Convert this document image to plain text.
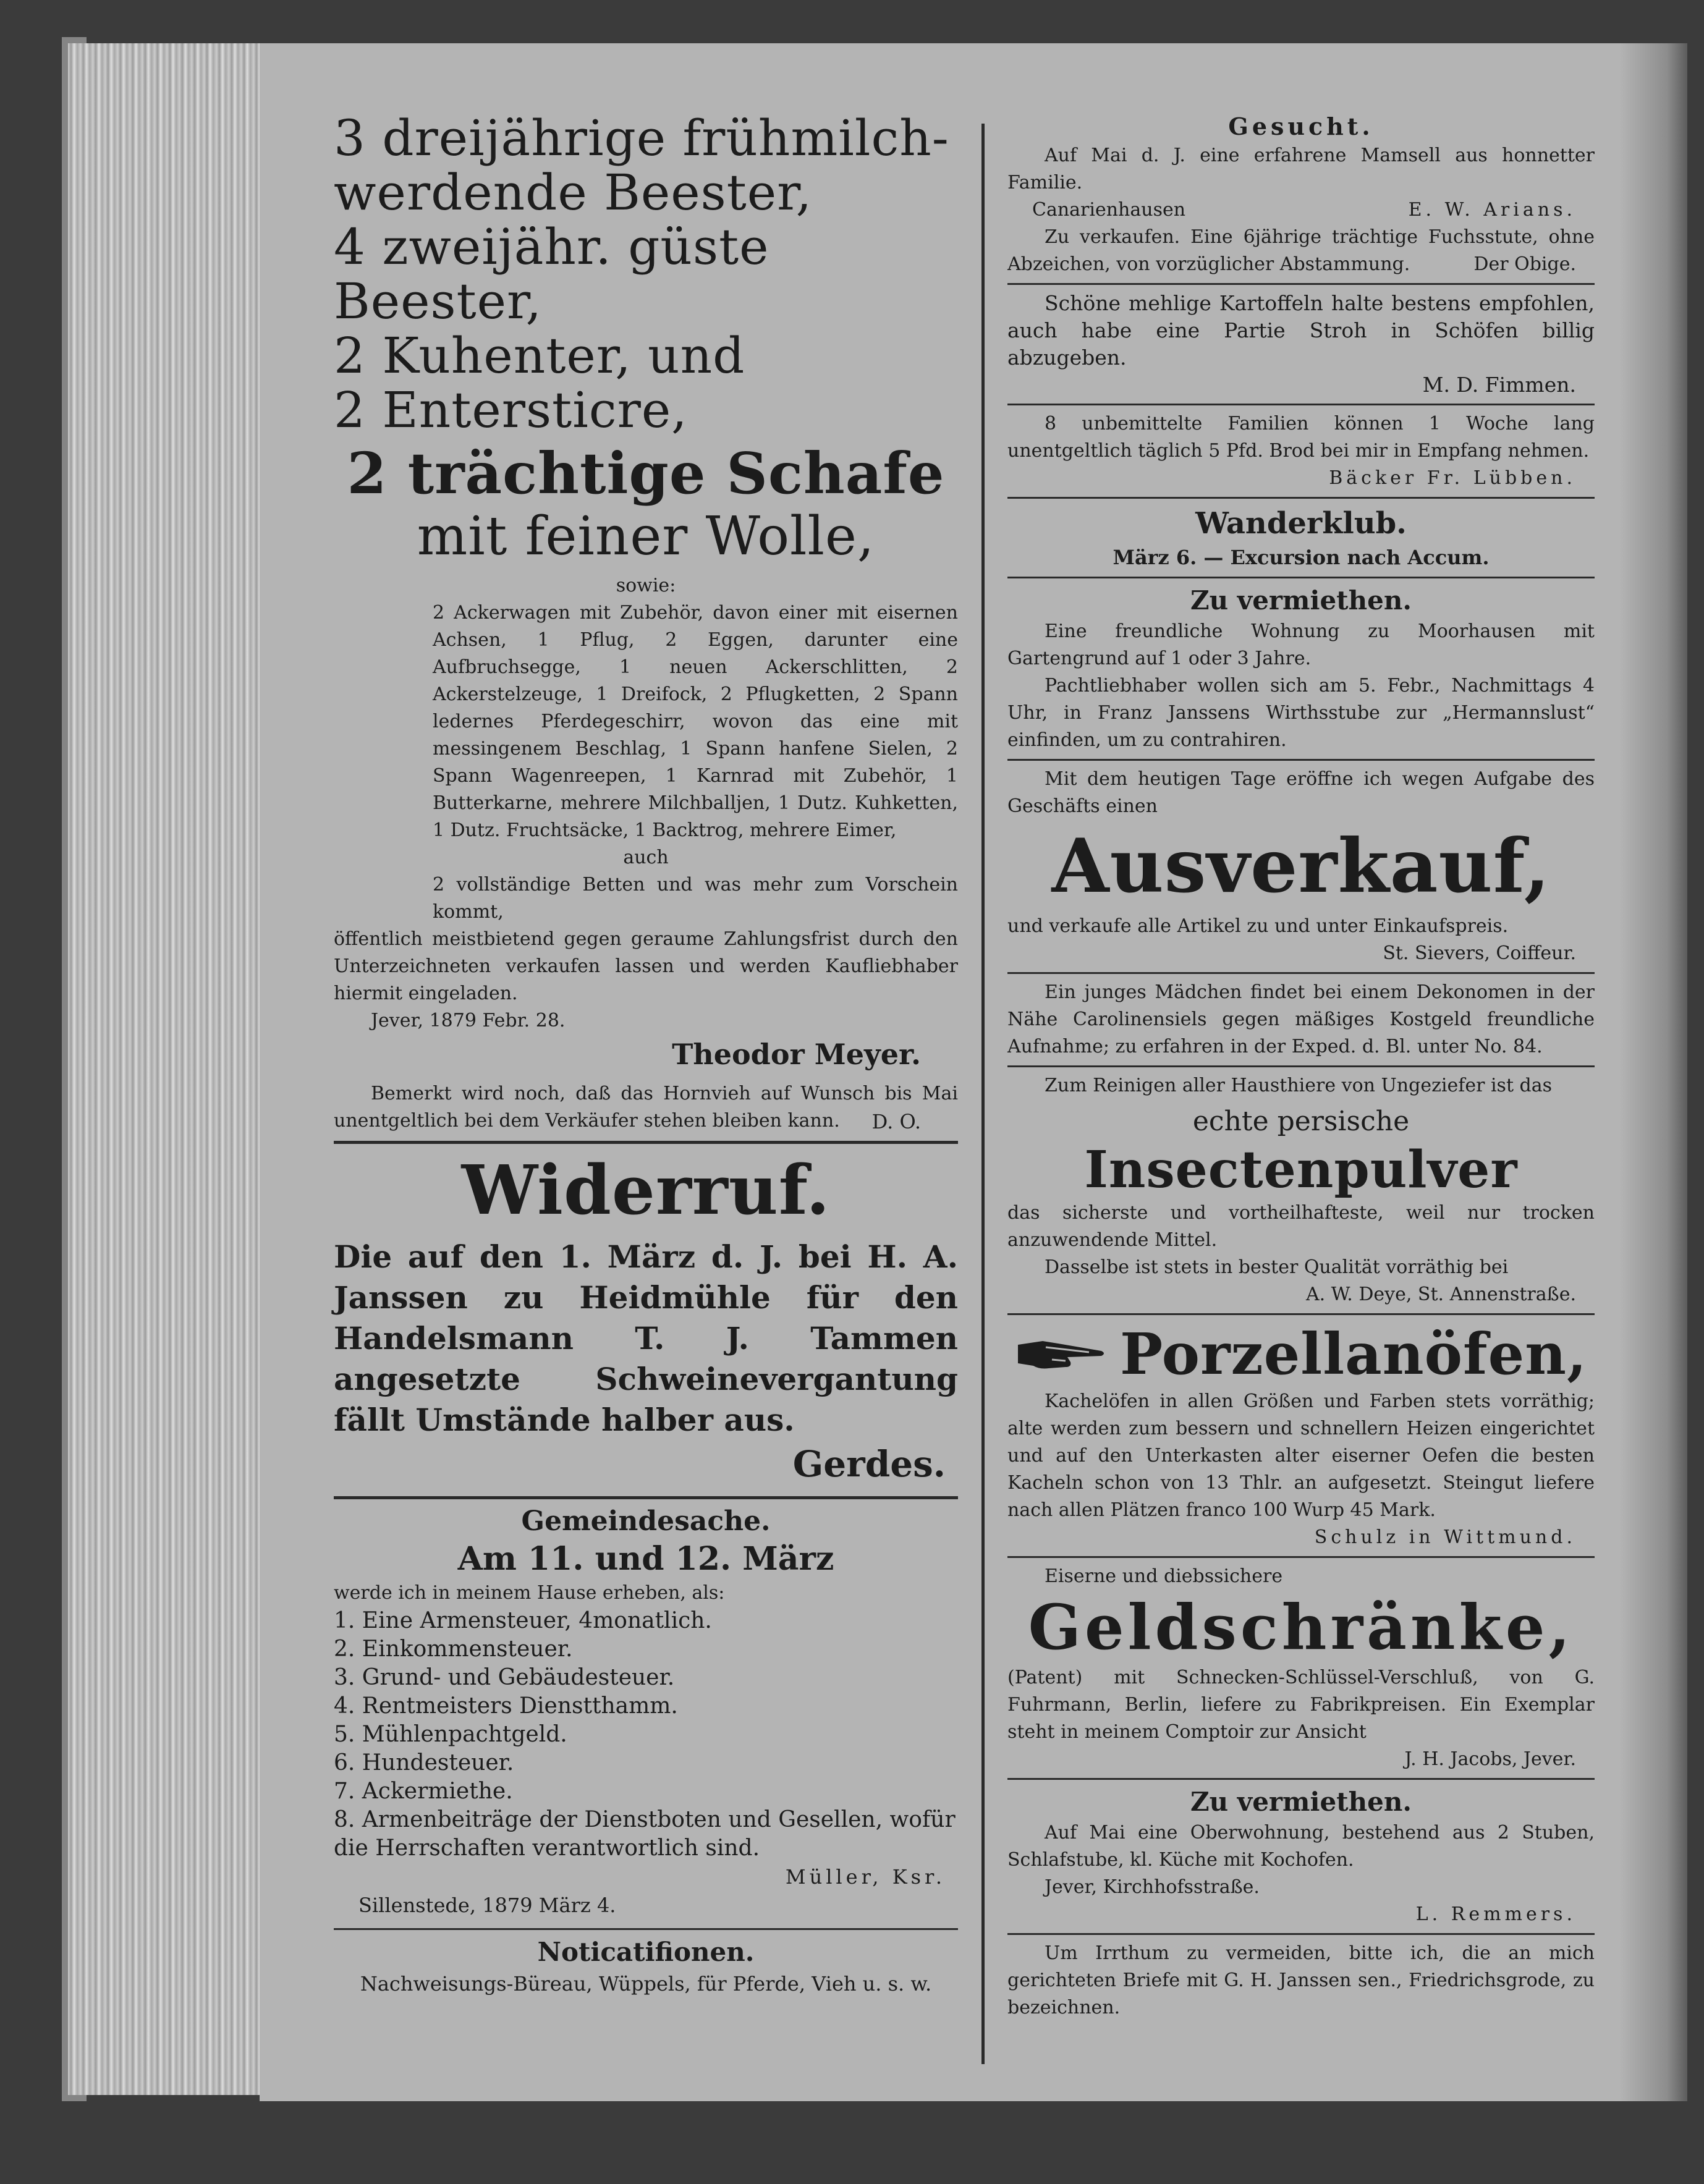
3 dreijährige frühmilch-

werdende Beester,

4 zweijähr. güste Beester,

2 Kuhenter, und

2 Entersticre,

2 trächtige Schafe

mit feiner Wolle,

sowie:

2 Ackerwagen mit Zubehör, davon einer mit eisernen Achsen, 1 Pflug, 2 Eggen, darunter eine Aufbruchsegge, 1 neuen Ackerschlitten, 2 Ackerstelzeuge, 1 Dreifock, 2 Pflugketten, 2 Spann ledernes Pferdegeschirr, wovon das eine mit messingenem Beschlag, 1 Spann hanfene Sielen, 2 Spann Wagenreepen, 1 Karnrad mit Zubehör, 1 Butterkarne, mehrere Milchballjen, 1 Dutz. Kuhketten, 1 Dutz. Fruchtsäcke, 1 Backtrog, mehrere Eimer,

auch

2 vollständige Betten und was mehr zum Vorschein kommt,

öffentlich meistbietend gegen geraume Zahlungsfrist durch den Unterzeichneten verkaufen lassen und werden Kaufliebhaber hiermit eingeladen.

Jever, 1879 Febr. 28.

Theodor Meyer.

Bemerkt wird noch, daß das Hornvieh auf Wunsch bis Mai unentgeltlich bei dem Verkäufer stehen bleiben kann.	D. O.

Widerruf.

Die auf den 1. März d. J. bei H. A. Janssen zu Heidmühle für den Handelsmann T. J. Tammen angesetzte Schweinevergantung fällt Umstände halber aus.

Gerdes.

Gemeindesache.

Am 11. und 12. März

werde ich in meinem Hause erheben, als:

1. Eine Armensteuer, 4monatlich.
2. Einkommensteuer.
3. Grund- und Gebäudesteuer.
4. Rentmeisters Dienstthamm.
5. Mühlenpachtgeld.
6. Hundesteuer.
7. Ackermiethe.
8. Armenbeiträge der Dienstboten und Gesellen, wofür die Herrschaften verantwortlich sind.

Müller, Ksr.

Sillenstede, 1879 März 4.

Noticatifionen.

Nachweisungs-Büreau, Wüppels, für Pferde, Vieh u. s. w.

Gesucht.

Auf Mai d. J. eine erfahrene Mamsell aus honnetter Familie.

Canarienhausen	E. W. Arians.

Zu verkaufen. Eine 6jährige trächtige Fuchsstute, ohne Abzeichen, von vorzüglicher Abstammung.	Der Obige.

Schöne mehlige Kartoffeln halte bestens empfohlen, auch habe eine Partie Stroh in Schöfen billig abzugeben.

M. D. Fimmen.

8 unbemittelte Familien können 1 Woche lang unentgeltlich täglich 5 Pfd. Brod bei mir in Empfang nehmen.

Bäcker Fr. Lübben.

Wanderklub.

März 6. — Excursion nach Accum.

Zu vermiethen.

Eine freundliche Wohnung zu Moorhausen mit Gartengrund auf 1 oder 3 Jahre.

Pachtliebhaber wollen sich am 5. Febr., Nachmittags 4 Uhr, in Franz Janssens Wirthsstube zur „Hermannslust“ einfinden, um zu contrahiren.

Mit dem heutigen Tage eröffne ich wegen Aufgabe des Geschäfts einen

Ausverkauf,

und verkaufe alle Artikel zu und unter Einkaufspreis.

St. Sievers, Coiffeur.

Ein junges Mädchen findet bei einem Dekonomen in der Nähe Carolinensiels gegen mäßiges Kostgeld freundliche Aufnahme; zu erfahren in der Exped. d. Bl. unter No. 84.

Zum Reinigen aller Hausthiere von Ungeziefer ist das

echte persische

Insectenpulver

das sicherste und vortheilhafteste, weil nur trocken anzuwendende Mittel.

Dasselbe ist stets in bester Qualität vorräthig bei

A. W. Deye, St. Annenstraße.

Porzellanöfen,

Kachelöfen in allen Größen und Farben stets vorräthig; alte werden zum bessern und schnellern Heizen eingerichtet und auf den Unterkasten alter eiserner Oefen die besten Kacheln schon von 13 Thlr. an aufgesetzt. Steingut liefere nach allen Plätzen franco 100 Wurp 45 Mark.

Schulz in Wittmund.

Eiserne und diebssichere

Geldschränke,

(Patent) mit Schnecken-Schlüssel-Verschluß, von G. Fuhrmann, Berlin, liefere zu Fabrikpreisen. Ein Exemplar steht in meinem Comptoir zur Ansicht

J. H. Jacobs, Jever.

Zu vermiethen.

Auf Mai eine Oberwohnung, bestehend aus 2 Stuben, Schlafstube, kl. Küche mit Kochofen.

Jever, Kirchhofsstraße.

L. Remmers.

Um Irrthum zu vermeiden, bitte ich, die an mich gerichteten Briefe mit G. H. Janssen sen., Friedrichsgrode, zu bezeichnen.
